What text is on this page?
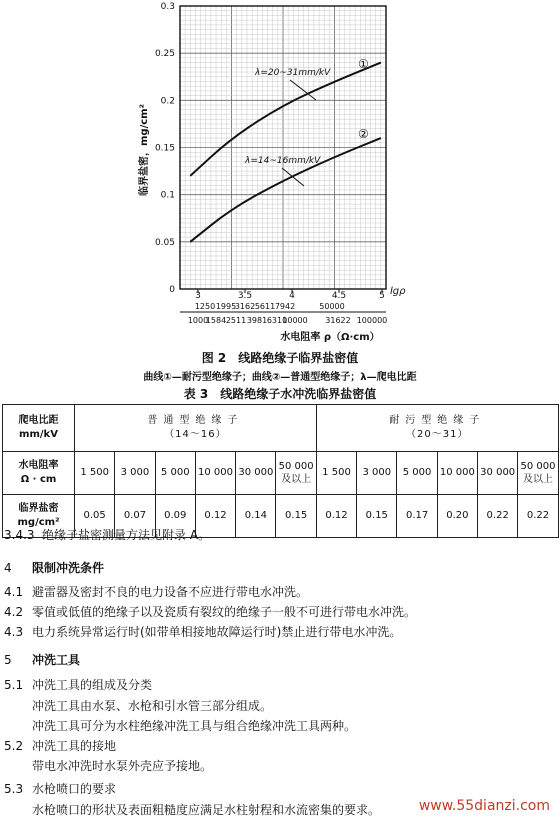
0.3
0.25
0.2
0.15
0.1
0.05
0
λ=20~31mm/kV
①
λ=14~16mm/kV
②
3	3.5	4	4.5	5
1250 1995
3162 5611 7942	50000
1000
1584 2511 3981 6310
10000 31622 100000
临界盐密，mg/cm²
lgρ
水电阻率 ρ（Ω·cm）
图 2　线路绝缘子临界盐密值
曲线①—耐污型绝缘子；曲线②—普通型绝缘子；λ—爬电比距
表 3　线路绝缘子水冲洗临界盐密值
爬电比距
mm/kV	普通型绝缘子
（14～16）						耐污型绝缘子
（20～31）					

水电阻率
Ω · cm	1 500	3 000	5 000	10 000	30 000	50 000 及以上	1 500	3 000	5 000	10 000	30 000	50 000 及以上
临界盐密
mg/cm²	0.05	0.07	0.09	0.12	0.14	0.15	0.12	0.15	0.17	0.20	0.22	0.22
3.4.3 绝缘子盐密测量方法见附录 A。
4 限制冲洗条件
4.1 避雷器及密封不良的电力设备不应进行带电水冲洗。
4.2 零值或低值的绝缘子以及瓷质有裂纹的绝缘子一般不可进行带电水冲洗。
4.3 电力系统异常运行时(如带单相接地故障运行时)禁止进行带电水冲洗。
5 冲洗工具
5.1 冲洗工具的组成及分类
冲洗工具由水泵、水枪和引水管三部分组成。
冲洗工具可分为水柱绝缘冲洗工具与组合绝缘冲洗工具两种。
5.2 冲洗工具的接地
带电水冲洗时水泵外壳应予接地。
5.3 水枪喷口的要求
水枪喷口的形状及表面粗糙度应满足水柱射程和水流密集的要求。	www.55dianzi.com
